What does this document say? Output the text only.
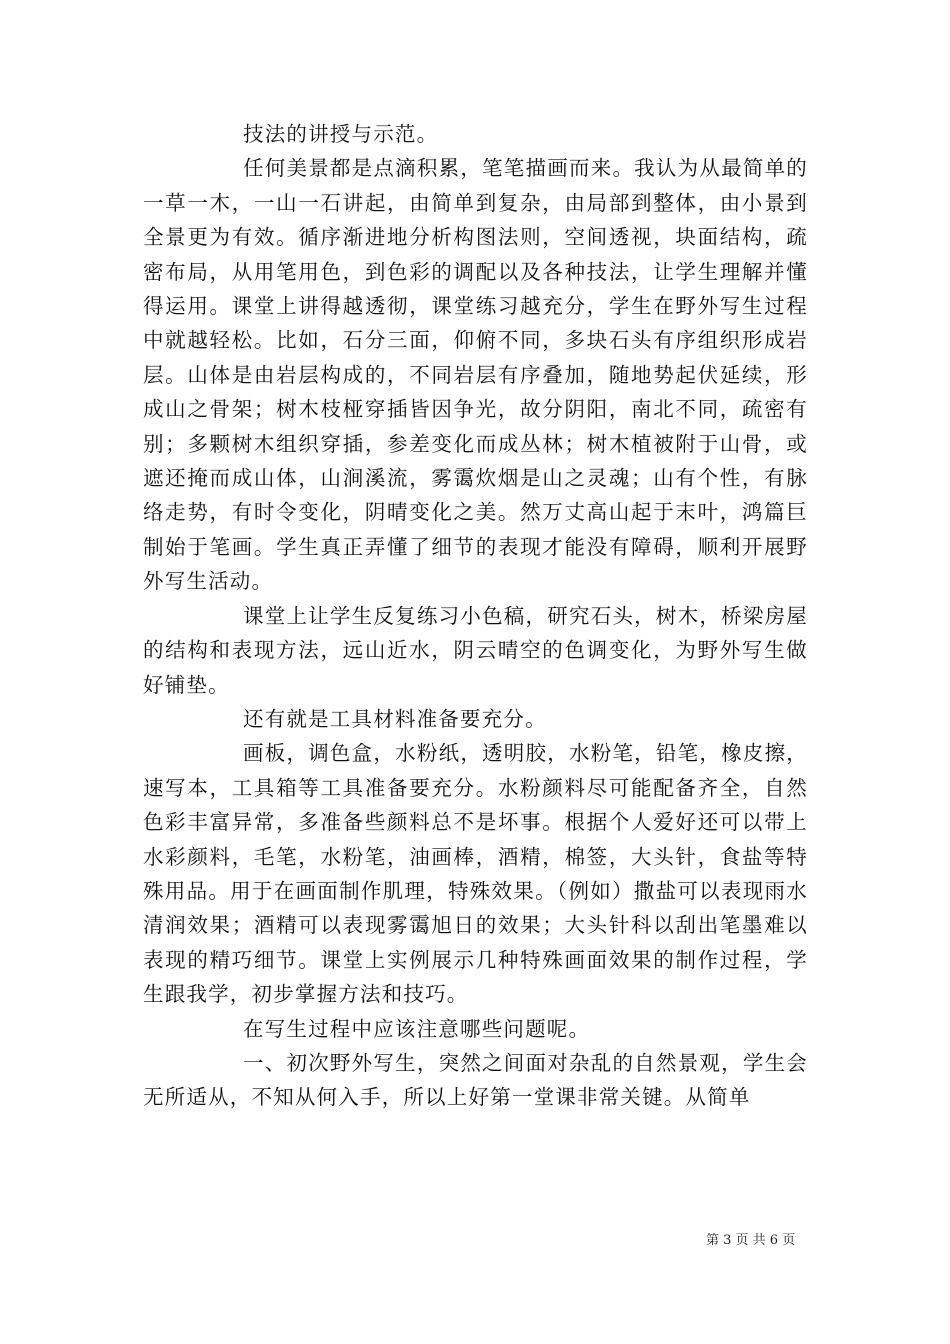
技法的讲授与示范。

任何美景都是点滴积累，笔笔描画而来。我认为从最简单的一草一木，一山一石讲起，由简单到复杂，由局部到整体，由小景到全景更为有效。循序渐进地分析构图法则，空间透视，块面结构，疏密布局，从用笔用色，到色彩的调配以及各种技法，让学生理解并懂得运用。课堂上讲得越透彻，课堂练习越充分，学生在野外写生过程中就越轻松。比如，石分三面，仰俯不同，多块石头有序组织形成岩层。山体是由岩层构成的，不同岩层有序叠加，随地势起伏延续，形成山之骨架；树木枝桠穿插皆因争光，故分阴阳，南北不同，疏密有别；多颗树木组织穿插，参差变化而成丛林；树木植被附于山骨，或遮还掩而成山体，山涧溪流，雾霭炊烟是山之灵魂；山有个性，有脉络走势，有时令变化，阴晴变化之美。然万丈高山起于末叶，鸿篇巨制始于笔画。学生真正弄懂了细节的表现才能没有障碍，顺利开展野外写生活动。

课堂上让学生反复练习小色稿，研究石头，树木，桥梁房屋的结构和表现方法，远山近水，阴云晴空的色调变化，为野外写生做好铺垫。

还有就是工具材料准备要充分。

画板，调色盒，水粉纸，透明胶，水粉笔，铅笔，橡皮擦，速写本，工具箱等工具准备要充分。水粉颜料尽可能配备齐全，自然色彩丰富异常，多准备些颜料总不是坏事。根据个人爱好还可以带上水彩颜料，毛笔，水粉笔，油画棒，酒精，棉签，大头针，食盐等特殊用品。用于在画面制作肌理，特殊效果。（例如）撒盐可以表现雨水清润效果；酒精可以表现雾霭旭日的效果；大头针科以刮出笔墨难以表现的精巧细节。课堂上实例展示几种特殊画面效果的制作过程，学生跟我学，初步掌握方法和技巧。

在写生过程中应该注意哪些问题呢。

一、初次野外写生，突然之间面对杂乱的自然景观，学生会无所适从，不知从何入手，所以上好第一堂课非常关键。从简单

第 3 页 共 6 页
